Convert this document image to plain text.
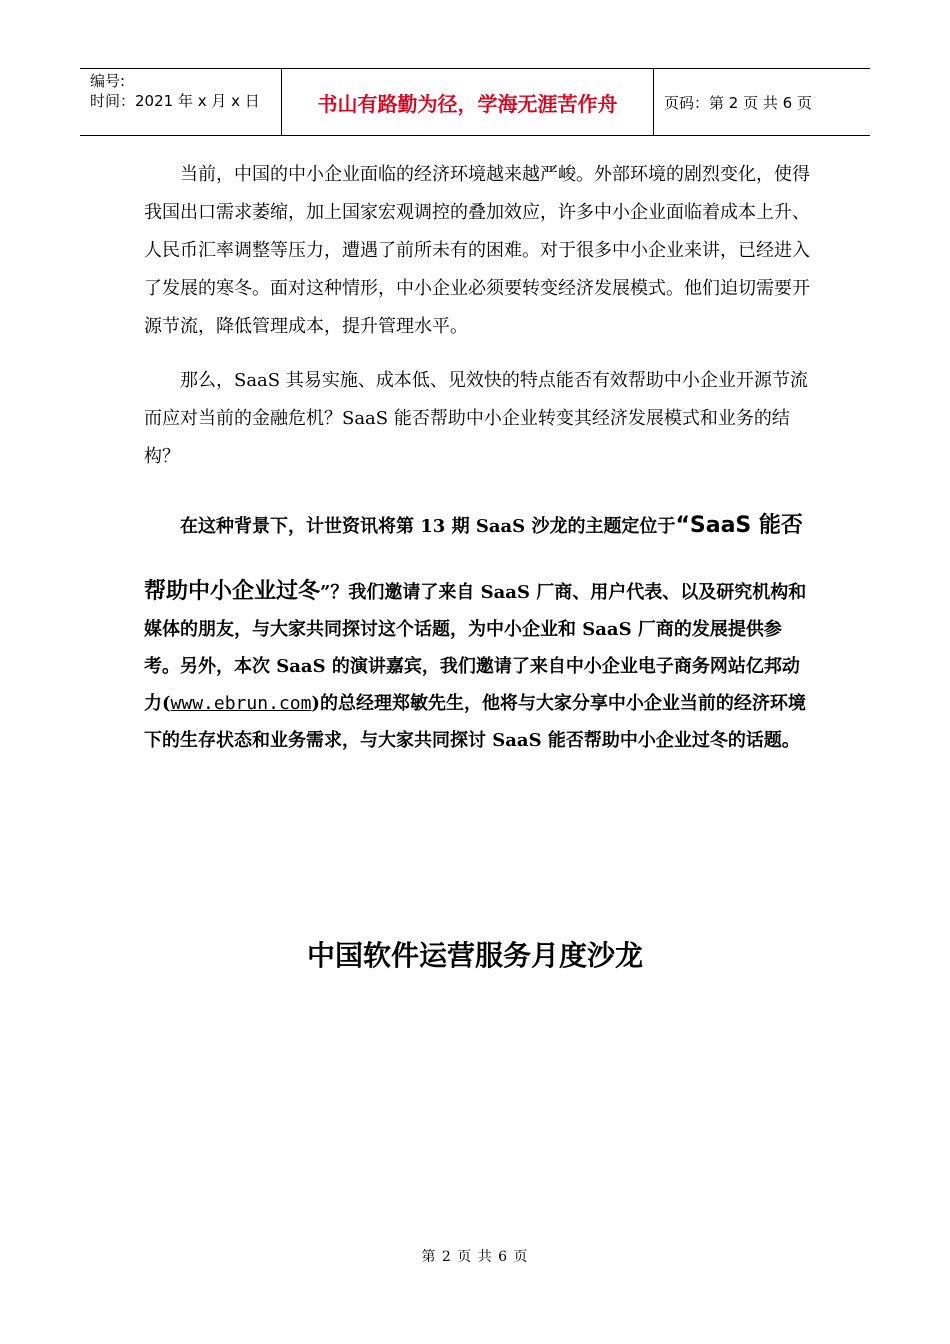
编号:
时间：2021 年 x 月 x 日	书山有路勤为径，学海无涯苦作舟	页码：第 2 页 共 6 页
当前，中国的中小企业面临的经济环境越来越严峻。外部环境的剧烈变化，使得我国出口需求萎缩，加上国家宏观调控的叠加效应，许多中小企业面临着成本上升、人民币汇率调整等压力，遭遇了前所未有的困难。对于很多中小企业来讲，已经进入了发展的寒冬。面对这种情形，中小企业必须要转变经济发展模式。他们迫切需要开源节流，降低管理成本，提升管理水平。
那么，SaaS 其易实施、成本低、见效快的特点能否有效帮助中小企业开源节流而应对当前的金融危机？SaaS 能否帮助中小企业转变其经济发展模式和业务的结构？
在这种背景下，计世资讯将第 13 期 SaaS 沙龙的主题定位于“SaaS 能否
帮助中小企业过冬”？我们邀请了来自 SaaS 厂商、用户代表、以及研究机构和媒体的朋友，与大家共同探讨这个话题，为中小企业和 SaaS 厂商的发展提供参考。另外，本次 SaaS 的演讲嘉宾，我们邀请了来自中小企业电子商务网站亿邦动力(www.ebrun.com)的总经理郑敏先生，他将与大家分享中小企业当前的经济环境下的生存状态和业务需求，与大家共同探讨 SaaS 能否帮助中小企业过冬的话题。
中国软件运营服务月度沙龙
第 2 页 共 6 页
